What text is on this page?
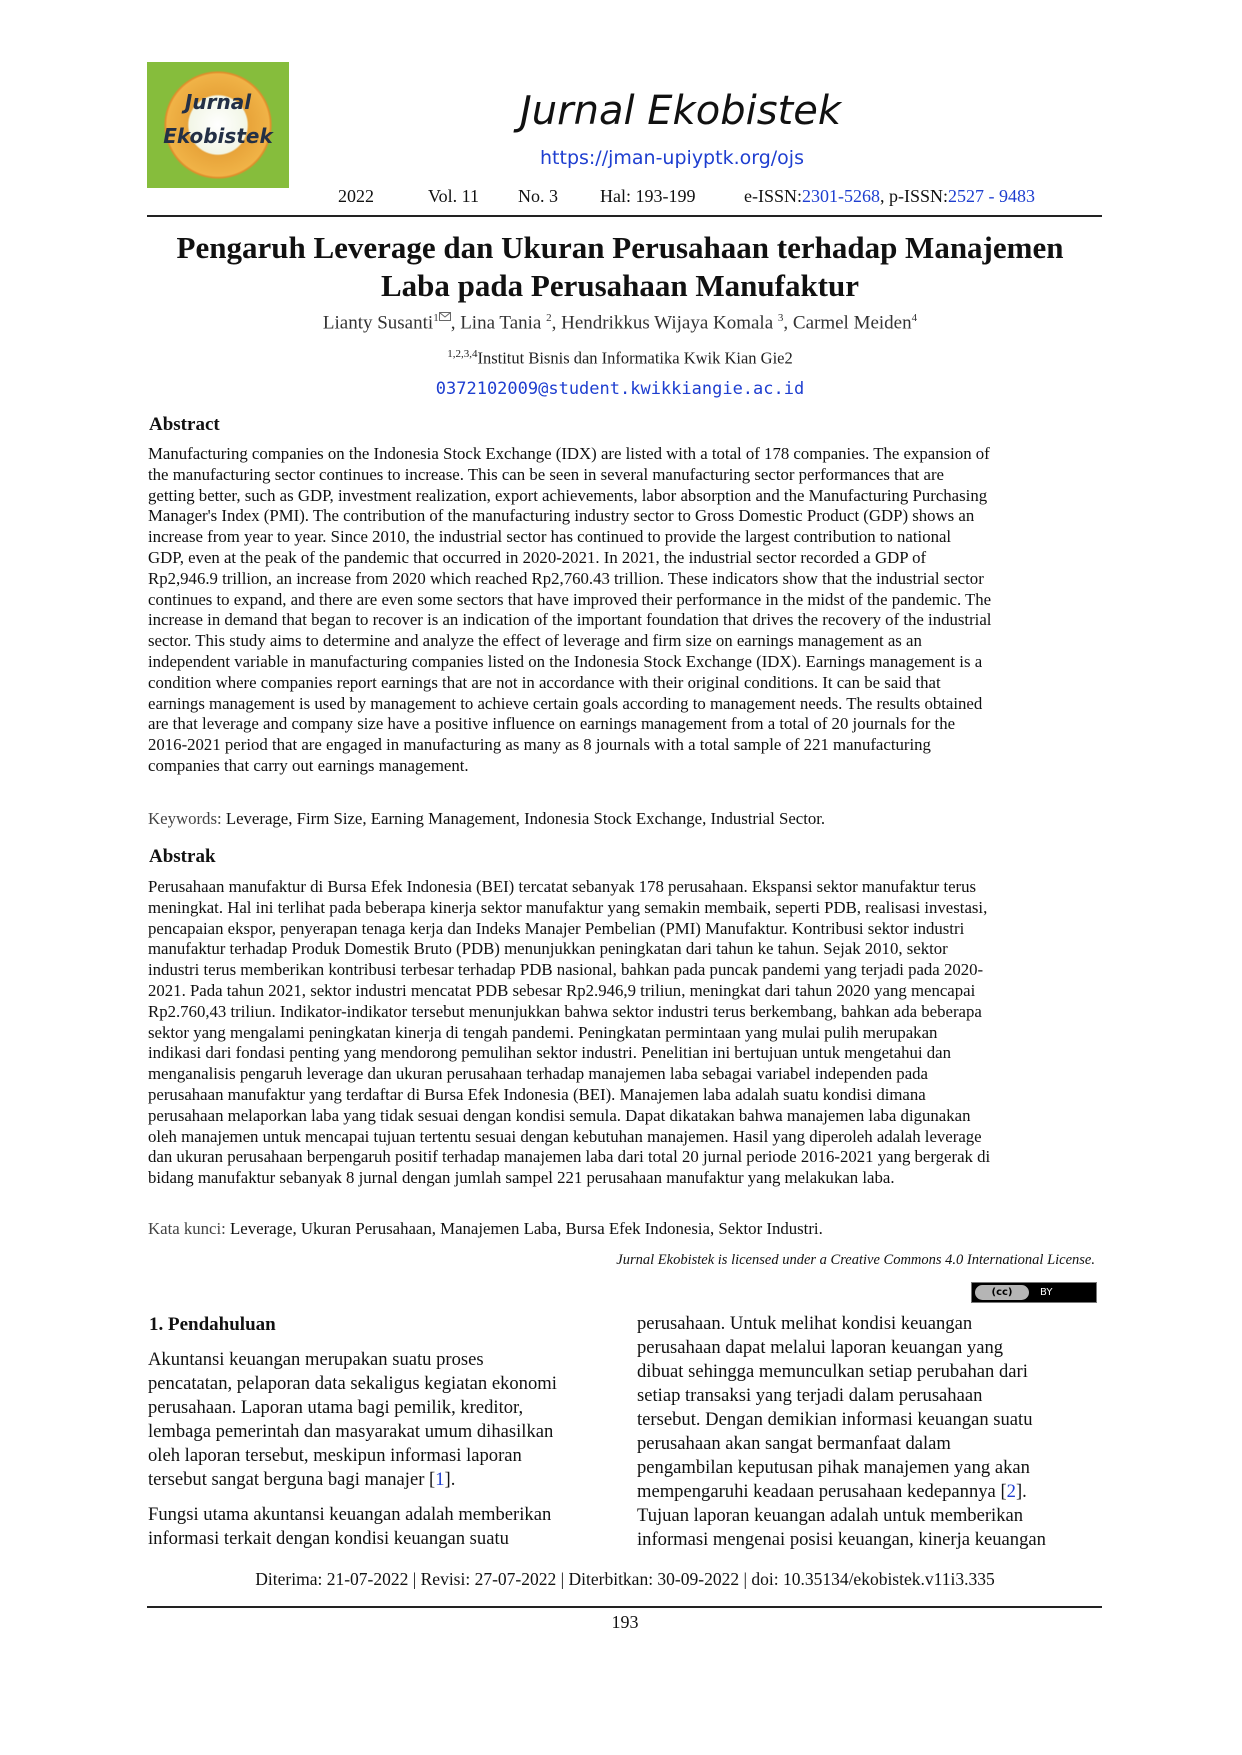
Jurnal
Ekobistek
Jurnal Ekobistek
https://jman-upiyptk.org/ojs
2022	Vol. 11 No. 3 Hal: 193-199	e-ISSN:2301-5268, p-ISSN:2527 - 9483
Pengaruh Leverage dan Ukuran Perusahaan terhadap Manajemen
Laba pada Perusahaan Manufaktur
Lianty Susanti$^1$ , Lina Tania $^2$, Hendrikkus Wijaya Komala $^3$, Carmel Meiden$^4$
$^{1,2,3,4}$Institut Bisnis dan Informatika Kwik Kian Gie2
0372102009@student.kwikkiangie.ac.id
Abstract
Manufacturing companies on the Indonesia Stock Exchange (IDX) are listed with a total of 178 companies. The expansion of
the manufacturing sector continues to increase. This can be seen in several manufacturing sector performances that are
getting better, such as GDP, investment realization, export achievements, labor absorption and the Manufacturing Purchasing
Manager's Index (PMI). The contribution of the manufacturing industry sector to Gross Domestic Product (GDP) shows an
increase from year to year. Since 2010, the industrial sector has continued to provide the largest contribution to national
GDP, even at the peak of the pandemic that occurred in 2020-2021. In 2021, the industrial sector recorded a GDP of
Rp2,946.9 trillion, an increase from 2020 which reached Rp2,760.43 trillion. These indicators show that the industrial sector
continues to expand, and there are even some sectors that have improved their performance in the midst of the pandemic. The
increase in demand that began to recover is an indication of the important foundation that drives the recovery of the industrial
sector. This study aims to determine and analyze the effect of leverage and firm size on earnings management as an
independent variable in manufacturing companies listed on the Indonesia Stock Exchange (IDX). Earnings management is a
condition where companies report earnings that are not in accordance with their original conditions. It can be said that
earnings management is used by management to achieve certain goals according to management needs. The results obtained
are that leverage and company size have a positive influence on earnings management from a total of 20 journals for the
2016-2021 period that are engaged in manufacturing as many as 8 journals with a total sample of 221 manufacturing
companies that carry out earnings management.
Keywords: Leverage, Firm Size, Earning Management, Indonesia Stock Exchange, Industrial Sector.
Abstrak
Perusahaan manufaktur di Bursa Efek Indonesia (BEI) tercatat sebanyak 178 perusahaan. Ekspansi sektor manufaktur terus
meningkat. Hal ini terlihat pada beberapa kinerja sektor manufaktur yang semakin membaik, seperti PDB, realisasi investasi,
pencapaian ekspor, penyerapan tenaga kerja dan Indeks Manajer Pembelian (PMI) Manufaktur. Kontribusi sektor industri
manufaktur terhadap Produk Domestik Bruto (PDB) menunjukkan peningkatan dari tahun ke tahun. Sejak 2010, sektor
industri terus memberikan kontribusi terbesar terhadap PDB nasional, bahkan pada puncak pandemi yang terjadi pada 2020-
2021. Pada tahun 2021, sektor industri mencatat PDB sebesar Rp2.946,9 triliun, meningkat dari tahun 2020 yang mencapai
Rp2.760,43 triliun. Indikator-indikator tersebut menunjukkan bahwa sektor industri terus berkembang, bahkan ada beberapa
sektor yang mengalami peningkatan kinerja di tengah pandemi. Peningkatan permintaan yang mulai pulih merupakan
indikasi dari fondasi penting yang mendorong pemulihan sektor industri. Penelitian ini bertujuan untuk mengetahui dan
menganalisis pengaruh leverage dan ukuran perusahaan terhadap manajemen laba sebagai variabel independen pada
perusahaan manufaktur yang terdaftar di Bursa Efek Indonesia (BEI). Manajemen laba adalah suatu kondisi dimana
perusahaan melaporkan laba yang tidak sesuai dengan kondisi semula. Dapat dikatakan bahwa manajemen laba digunakan
oleh manajemen untuk mencapai tujuan tertentu sesuai dengan kebutuhan manajemen. Hasil yang diperoleh adalah leverage
dan ukuran perusahaan berpengaruh positif terhadap manajemen laba dari total 20 jurnal periode 2016-2021 yang bergerak di
bidang manufaktur sebanyak 8 jurnal dengan jumlah sampel 221 perusahaan manufaktur yang melakukan laba.
Kata kunci: Leverage, Ukuran Perusahaan, Manajemen Laba, Bursa Efek Indonesia, Sektor Industri.
Jurnal Ekobistek is licensed under a Creative Commons 4.0 International License.
(cc)	BY
1. Pendahuluan
Akuntansi keuangan merupakan suatu proses
pencatatan, pelaporan data sekaligus kegiatan ekonomi
perusahaan. Laporan utama bagi pemilik, kreditor,
lembaga pemerintah dan masyarakat umum dihasilkan
oleh laporan tersebut, meskipun informasi laporan
tersebut sangat berguna bagi manajer [1].
Fungsi utama akuntansi keuangan adalah memberikan
informasi terkait dengan kondisi keuangan suatu
perusahaan. Untuk melihat kondisi keuangan
perusahaan dapat melalui laporan keuangan yang
dibuat sehingga memunculkan setiap perubahan dari
setiap transaksi yang terjadi dalam perusahaan
tersebut. Dengan demikian informasi keuangan suatu
perusahaan akan sangat bermanfaat dalam
pengambilan keputusan pihak manajemen yang akan
mempengaruhi keadaan perusahaan kedepannya [2].
Tujuan laporan keuangan adalah untuk memberikan
informasi mengenai posisi keuangan, kinerja keuangan
Diterima: 21-07-2022 | Revisi: 27-07-2022 | Diterbitkan: 30-09-2022 | doi: 10.35134/ekobistek.v11i3.335
193
